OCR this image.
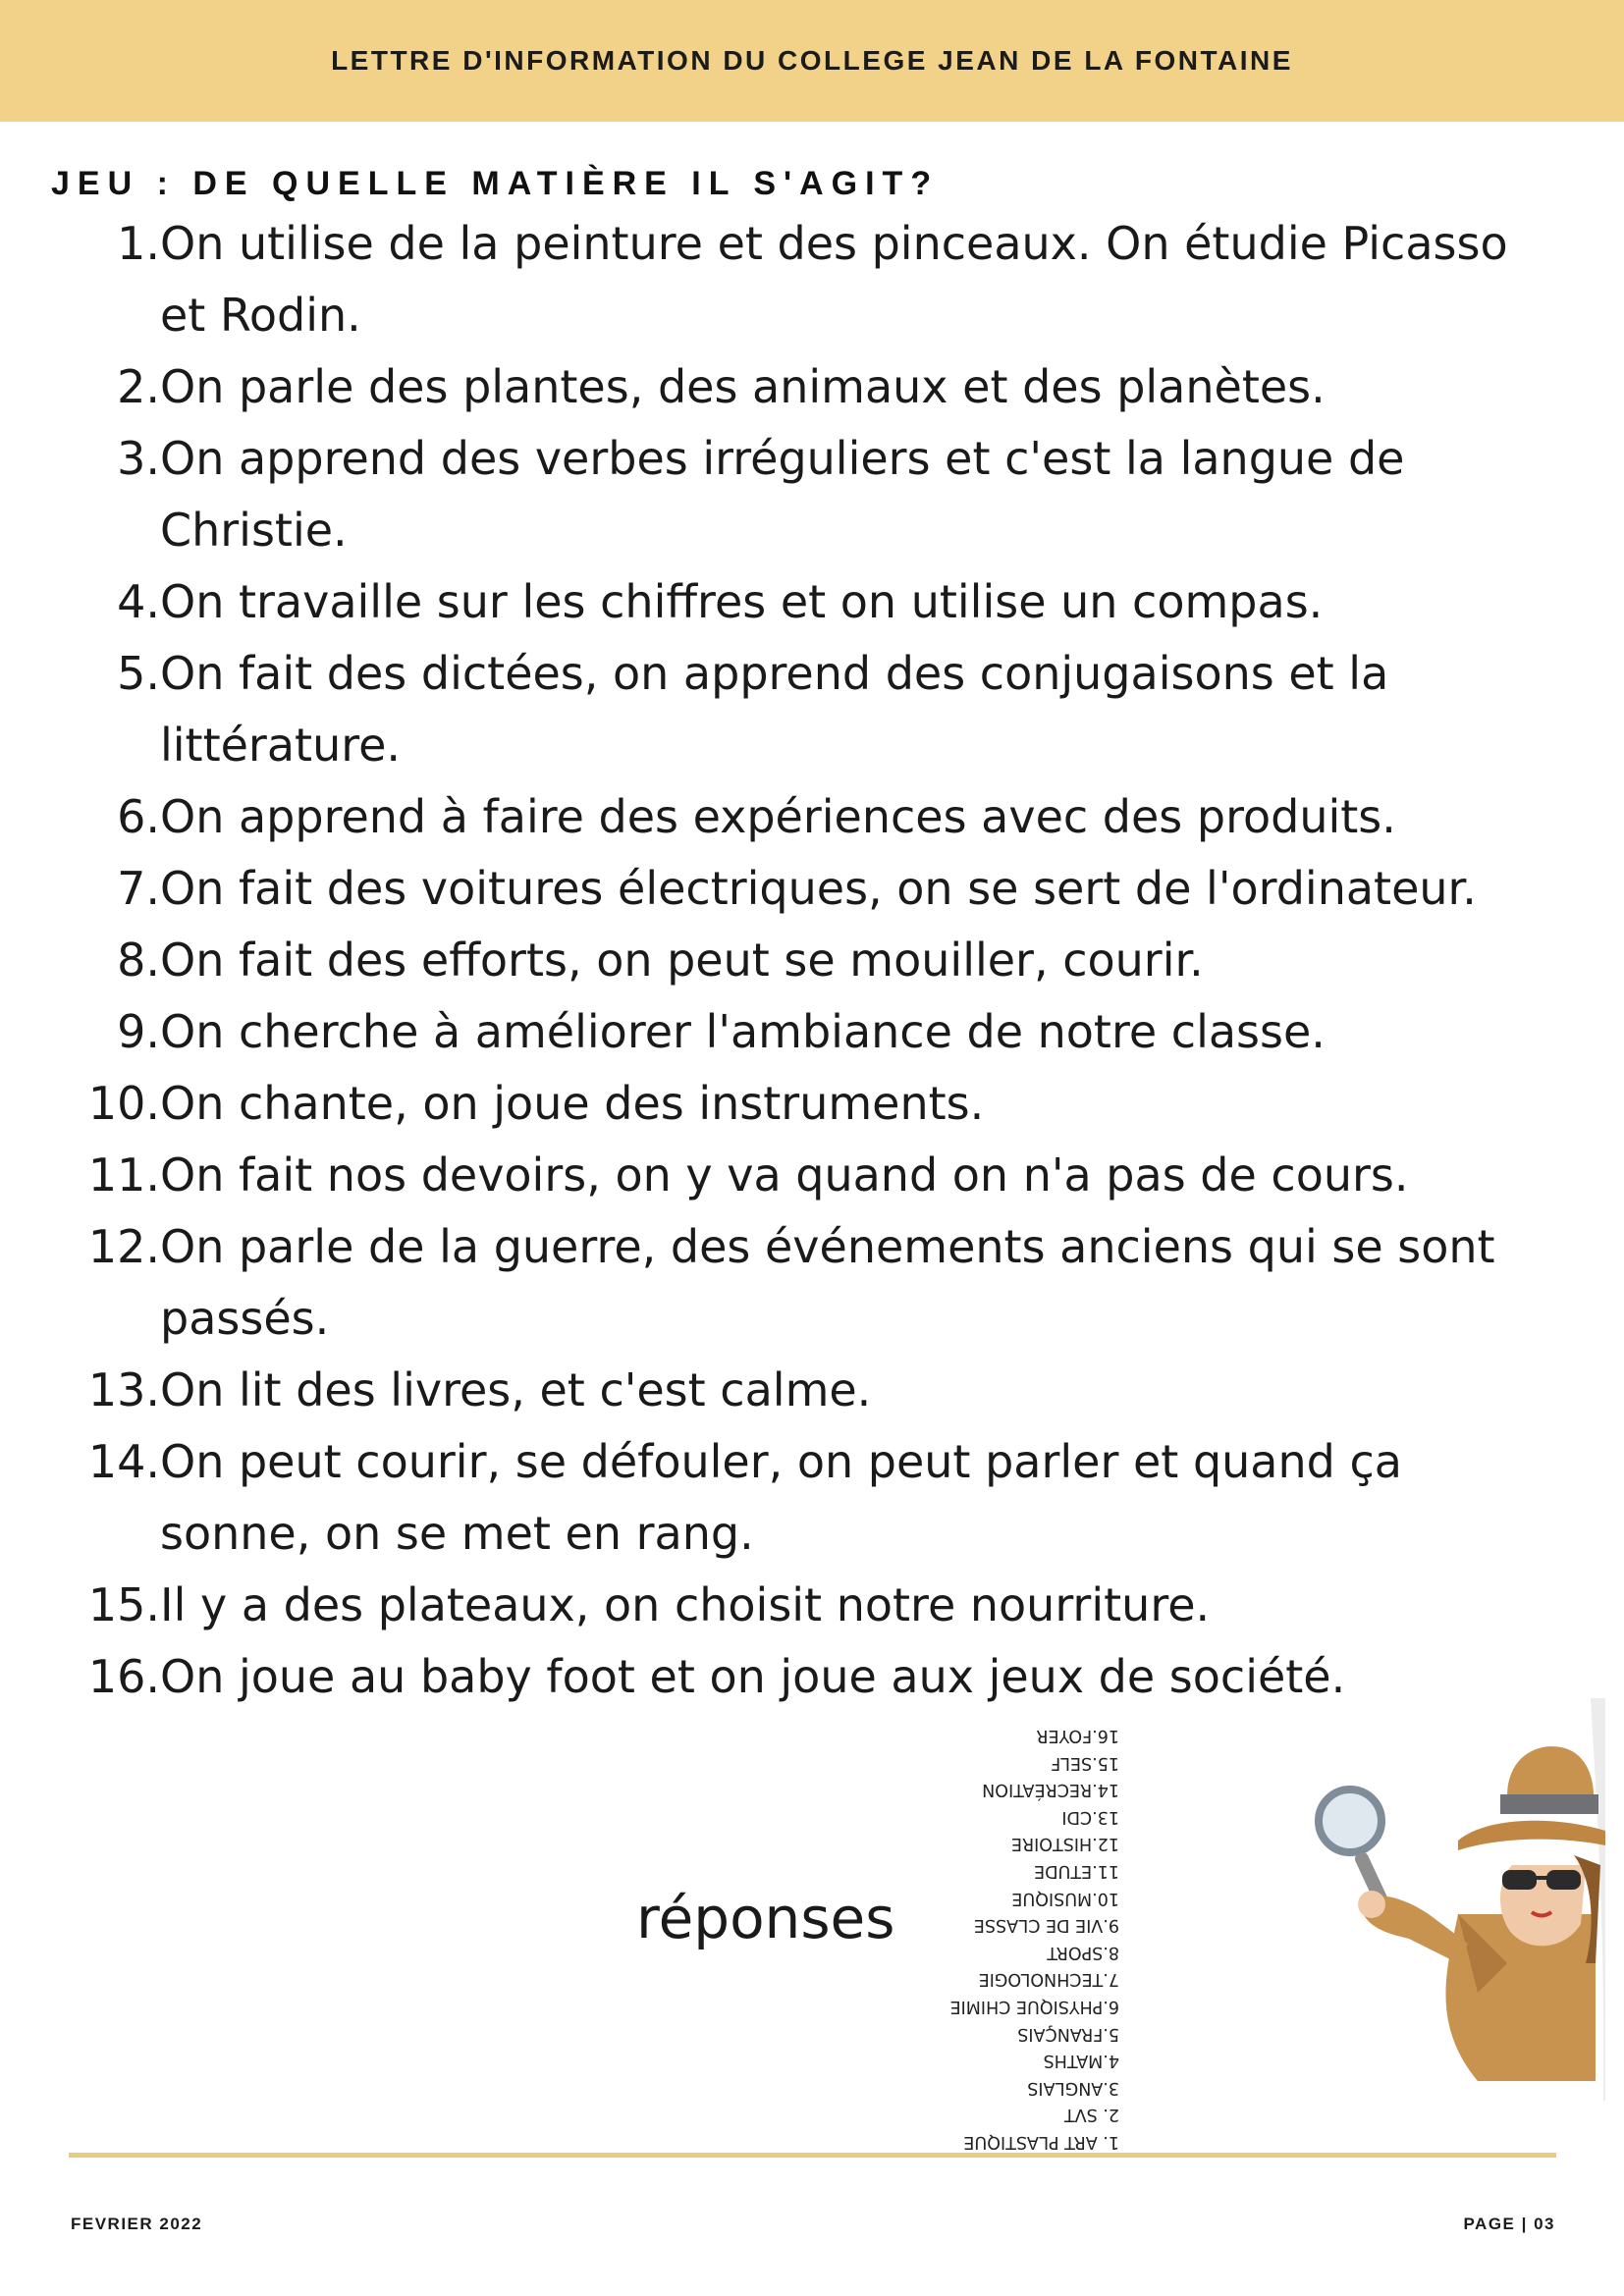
LETTRE D'INFORMATION DU COLLEGE JEAN DE LA FONTAINE
JEU : DE QUELLE MATIÈRE IL S'AGIT?
1. On utilise de la peinture et des pinceaux. On étudie Picasso et Rodin.
2. On parle des plantes, des animaux et des planètes.
3. On apprend des verbes irréguliers et c'est la langue de Christie.
4. On travaille sur les chiffres et on utilise un compas.
5. On fait des dictées, on apprend des conjugaisons et la littérature.
6. On apprend à faire des expériences avec des produits.
7. On fait des voitures électriques, on se sert de l'ordinateur.
8. On fait des efforts, on peut se mouiller, courir.
9. On cherche à améliorer l'ambiance de notre classe.
10. On chante, on joue des instruments.
11. On fait nos devoirs, on y va quand on n'a pas de cours.
12. On parle de la guerre, des événements anciens qui se sont passés.
13. On lit des livres, et c'est calme.
14. On peut courir, se défouler, on peut parler et quand ça sonne, on se met en rang.
15. Il y a des plateaux, on choisit notre nourriture.
16. On joue au baby foot et on joue aux jeux de société.
réponses
1. ART PLASTIQUE
2. SVT
3.ANGLAIS
4.MATHS
5.FRANÇAIS
6.PHYSIQUE CHIMIE
7.TECHNOLOGIE
8.SPORT
9.VIE DE CLASSE
10.MUSIQUE
11.ETUDE
12.HISTOIRE
13.CDI
14.RECRÉATION
15.SELF
16.FOYER
FEVRIER 2022	PAGE | 03
